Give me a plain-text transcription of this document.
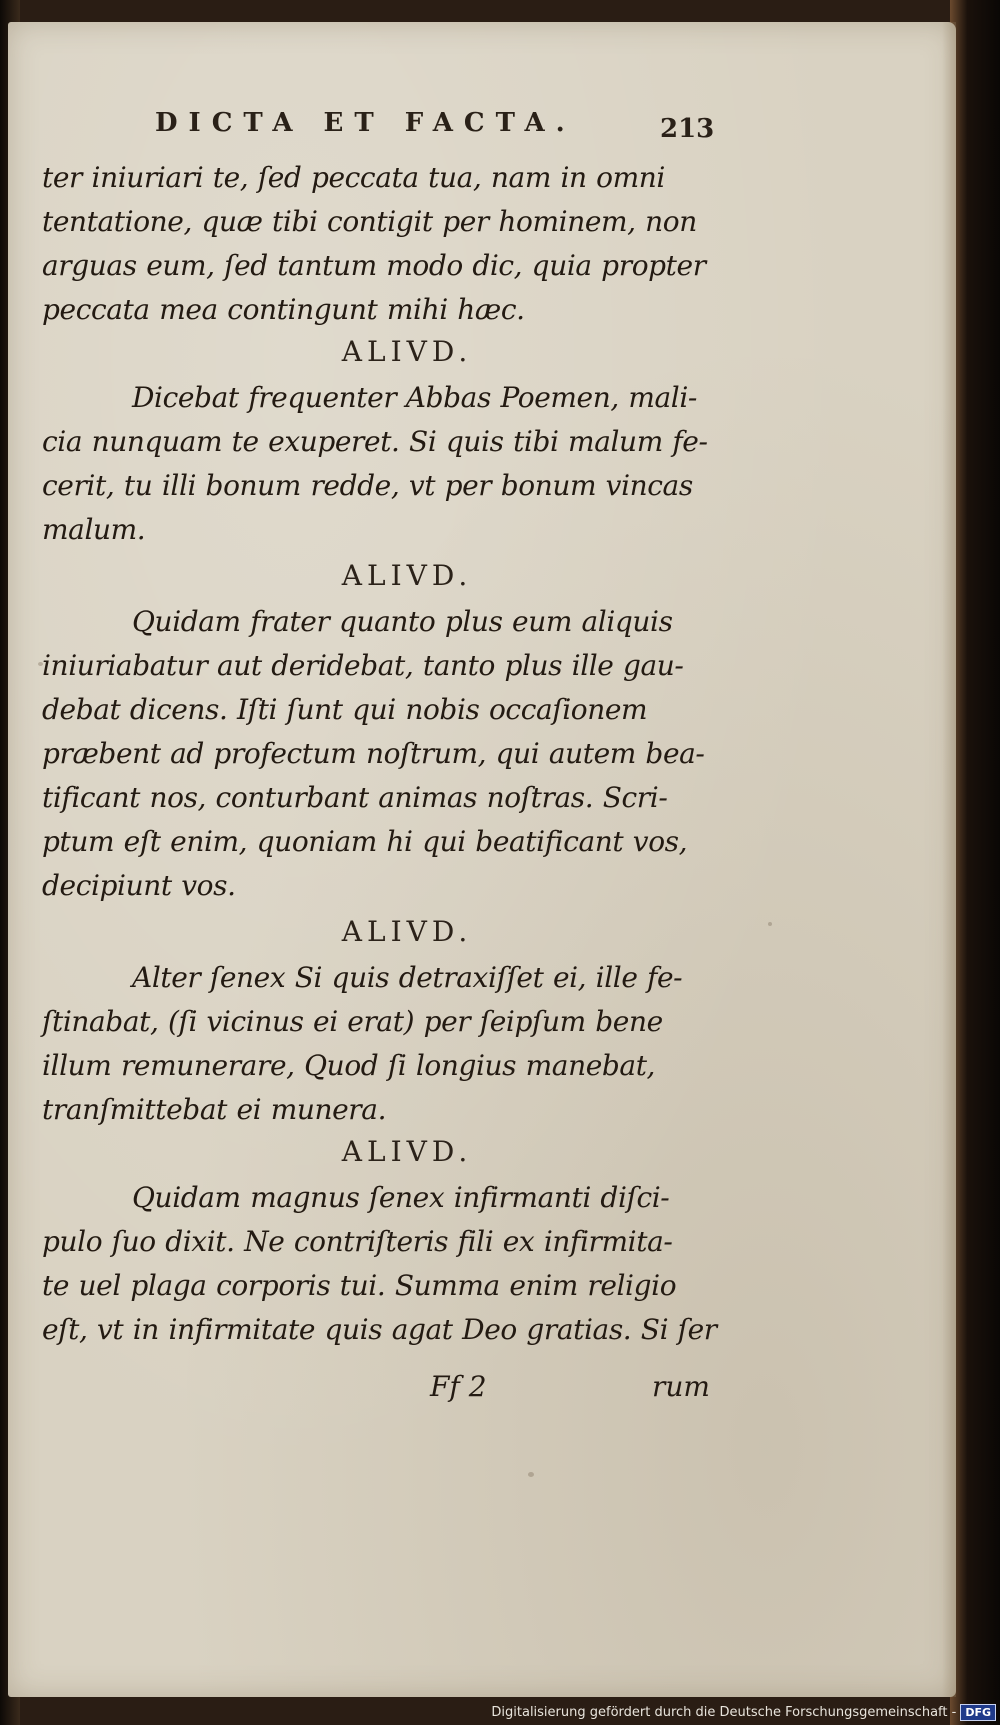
DICTA ET FACTA.	213
ter iniuriari te, ſed peccata tua, nam in omni
tentatione, quæ tibi contigit per hominem, non
arguas eum, ſed tantum modo dic, quia propter
peccata mea contingunt mihi hæc.
ALIVD.
Dicebat frequenter Abbas Poemen, mali-
cia nunquam te exuperet. Si quis tibi malum fe-
cerit, tu illi bonum redde, vt per bonum vincas
malum.
ALIVD.
Quidam frater quanto plus eum aliquis
iniuriabatur aut deridebat, tanto plus ille gau-
debat dicens. Iſti ſunt qui nobis occaſionem
præbent ad profectum noſtrum, qui autem bea-
tificant nos, conturbant animas noſtras. Scri-
ptum eſt enim, quoniam hi qui beatificant vos,
decipiunt vos.
ALIVD.
Alter ſenex Si quis detraxiſſet ei, ille fe-
ſtinabat, (ſi vicinus ei erat) per ſeipſum bene
illum remunerare, Quod ſi longius manebat,
tranſmittebat ei munera.
ALIVD.
Quidam magnus ſenex infirmanti diſci-
pulo ſuo dixit. Ne contriſteris fili ex infirmita-
te uel plaga corporis tui. Summa enim religio
eſt, vt in infirmitate quis agat Deo gratias. Si ſer
Ff 2	rum
Digitalisierung gefördert durch die Deutsche Forschungsgemeinschaft - DFG
